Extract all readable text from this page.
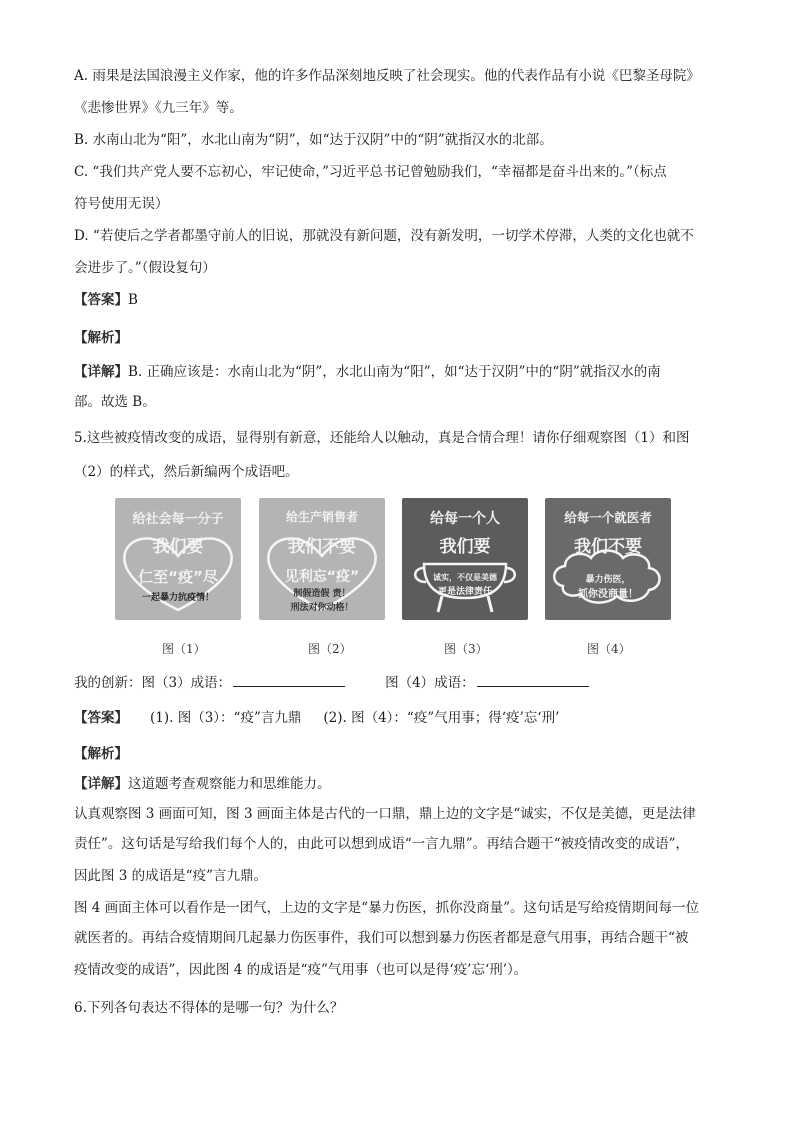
A. 雨果是法国浪漫主义作家，他的许多作品深刻地反映了社会现实。他的代表作品有小说《巴黎圣母院》
《悲惨世界》《九三年》等。
B. 水南山北为“阳”，水北山南为“阴”，如“达于汉阴”中的“阴”就指汉水的北部。
C. “我们共产党人要不忘初心，牢记使命，”习近平总书记曾勉励我们，“幸福都是奋斗出来的。”（标点
符号使用无误）
D. “若使后之学者都墨守前人的旧说，那就没有新问题，没有新发明，一切学术停滞，人类的文化也就不
会进步了。”（假设复句）
【答案】B
【解析】
【详解】B. 正确应该是：水南山北为“阴”，水北山南为“阳”，如“达于汉阴”中的“阴”就指汉水的南
部。故选 B。
5.这些被疫情改变的成语，显得别有新意，还能给人以触动，真是合情合理！请你仔细观察图（1）和图
（2）的样式，然后新编两个成语吧。
给社会每一分子
我们要
仁至“疫”尽
一起暴力抗疫情！
图（1）
给生产销售者
我们不要
见利忘“疫”
制假造假 责！
刑法对你动格！
图（2）
给每一个人
我们要
诚实，不仅是美德
更是法律责任
图（3）
给每一个就医者
我们不要
暴力伤医，
抓你没商量！
图（4）
我的创新：图（3）成语：	图（4）成语：
【答案】 (1). 图（3）：“疫”言九鼎 (2). 图（4）：“疫”气用事；得‘疫’忘‘刑’
【解析】
【详解】这道题考查观察能力和思维能力。
认真观察图 3 画面可知，图 3 画面主体是古代的一口鼎，鼎上边的文字是“诚实，不仅是美德，更是法律
责任”。这句话是写给我们每个人的，由此可以想到成语“一言九鼎”。再结合题干“被疫情改变的成语”，
因此图 3 的成语是“疫”言九鼎。
图 4 画面主体可以看作是一团气，上边的文字是“暴力伤医，抓你没商量”。这句话是写给疫情期间每一位
就医者的。再结合疫情期间几起暴力伤医事件，我们可以想到暴力伤医者都是意气用事，再结合题干“被
疫情改变的成语”，因此图 4 的成语是“疫”气用事（也可以是得‘疫’忘‘刑’）。
6.下列各句表达不得体的是哪一句？为什么？
